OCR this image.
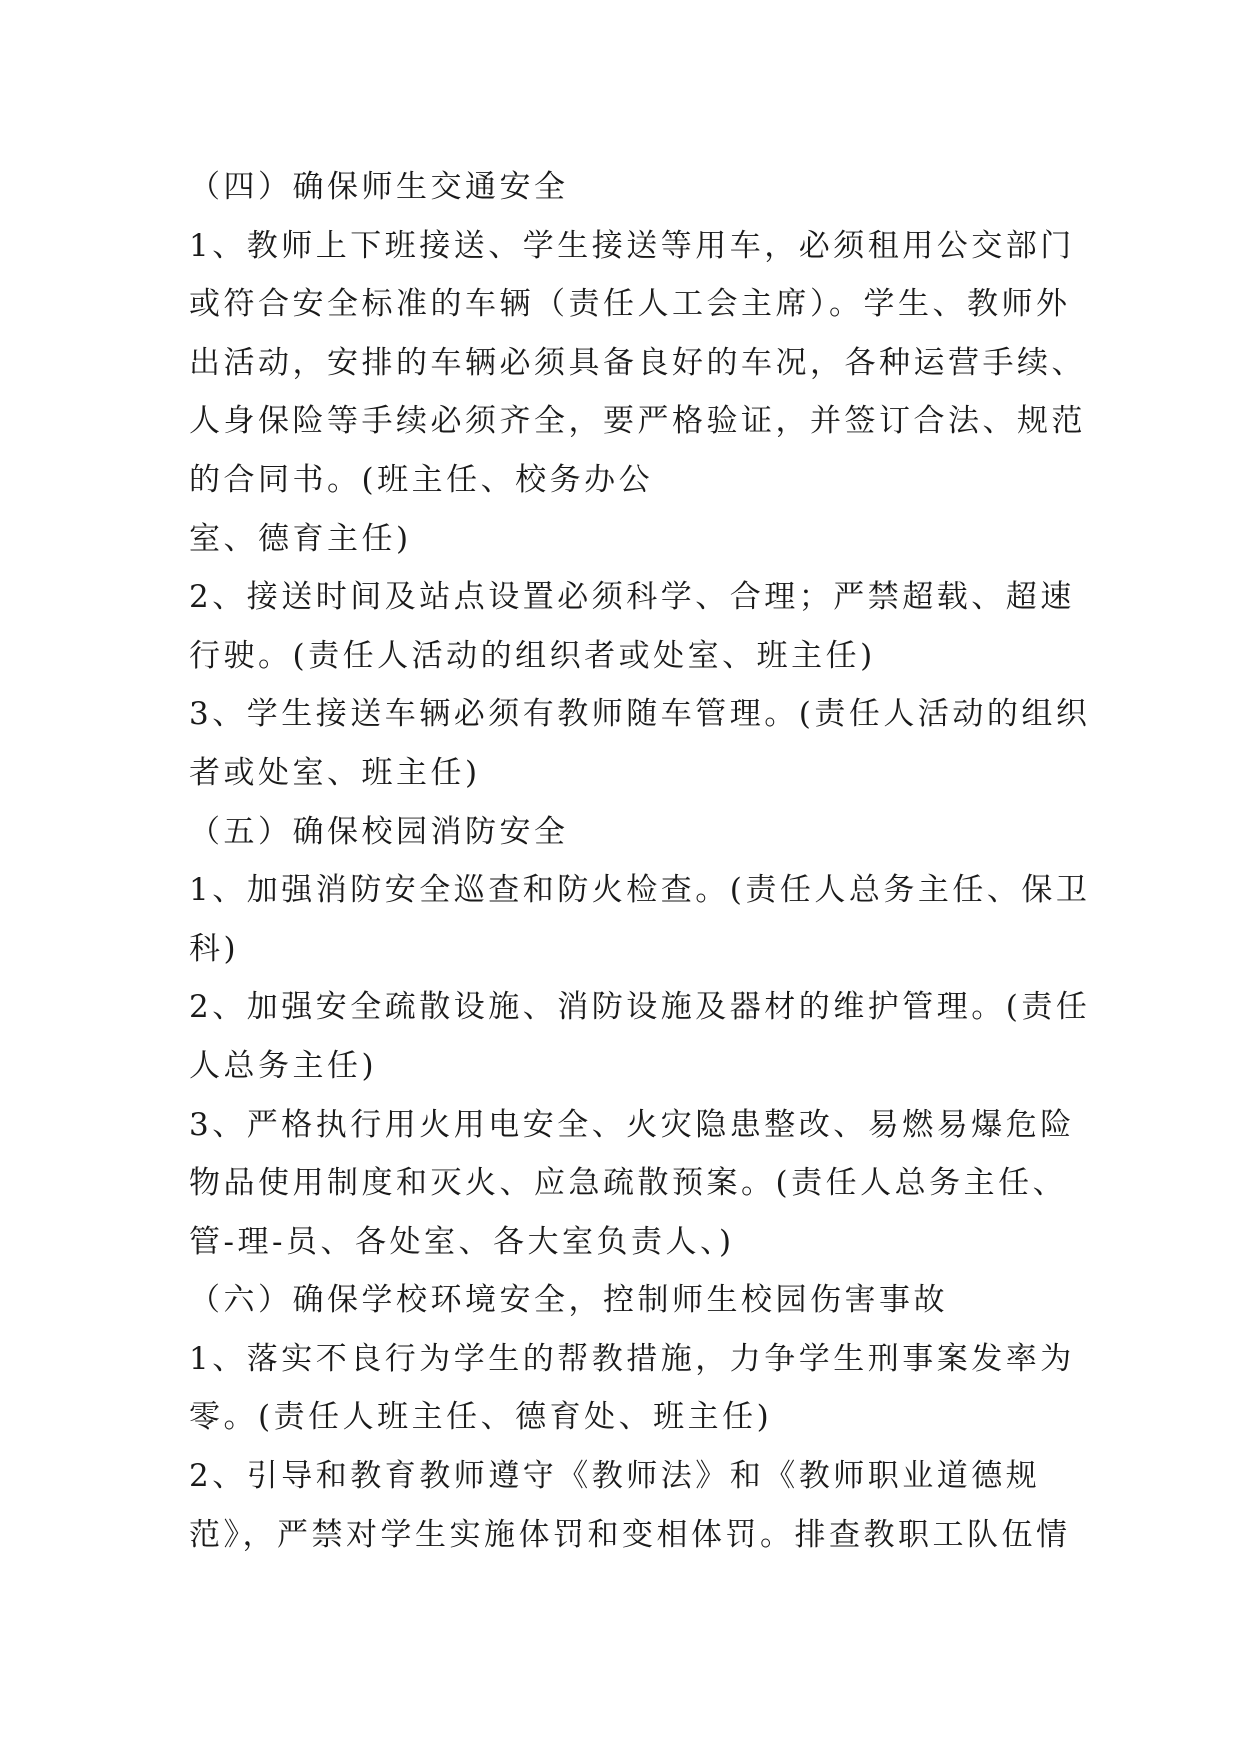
（四）确保师生交通安全
1、教师上下班接送、学生接送等用车，必须租用公交部门
或符合安全标准的车辆（责任人工会主席）。学生、教师外
出活动，安排的车辆必须具备良好的车况，各种运营手续、
人身保险等手续必须齐全，要严格验证，并签订合法、规范
的合同书。(班主任、校务办公
室、德育主任)
2、接送时间及站点设置必须科学、合理；严禁超载、超速
行驶。(责任人活动的组织者或处室、班主任)
3、学生接送车辆必须有教师随车管理。(责任人活动的组织
者或处室、班主任)
（五）确保校园消防安全
1、加强消防安全巡查和防火检查。(责任人总务主任、保卫
科)
2、加强安全疏散设施、消防设施及器材的维护管理。(责任
人总务主任)
3、严格执行用火用电安全、火灾隐患整改、易燃易爆危险
物品使用制度和灭火、应急疏散预案。(责任人总务主任、
管-理-员、各处室、各大室负责人、)
（六）确保学校环境安全，控制师生校园伤害事故
1、落实不良行为学生的帮教措施，力争学生刑事案发率为
零。(责任人班主任、德育处、班主任)
2、引导和教育教师遵守《教师法》和《教师职业道德规
范》，严禁对学生实施体罚和变相体罚。排查教职工队伍情
